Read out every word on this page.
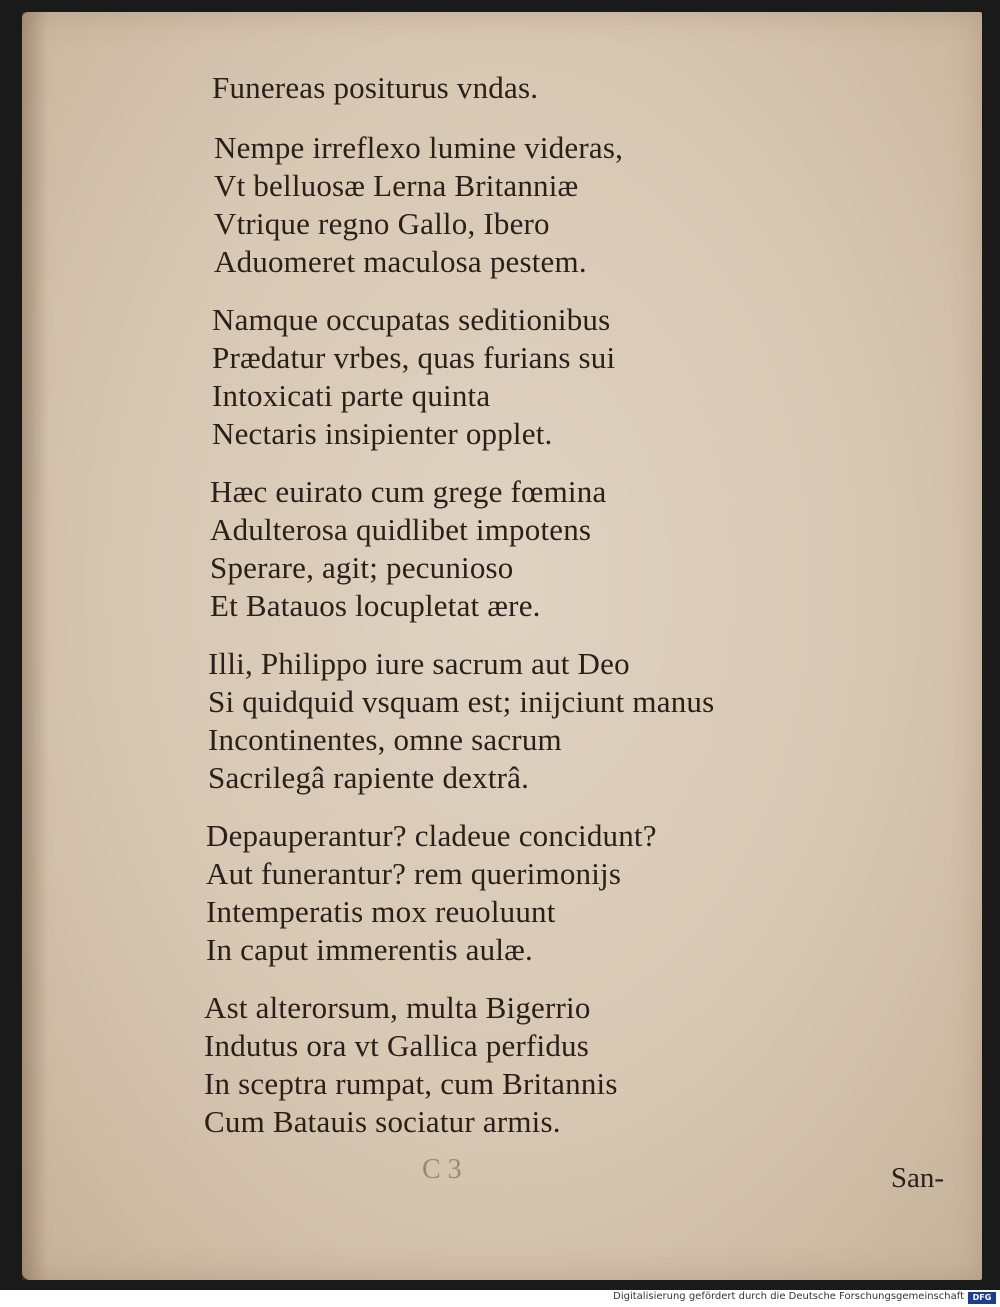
Funereas positurus vndas.
Nempe irreflexo lumine videras,
Vt belluosæ Lerna Britanniæ
Vtrique regno Gallo, Ibero
Aduomeret maculosa pestem.
Namque occupatas seditionibus
Prædatur vrbes, quas furians sui
Intoxicati parte quinta
Nectaris insipienter opplet.
Hæc euirato cum grege fœmina
Adulterosa quidlibet impotens
Sperare, agit; pecunioso
Et Batauos locupletat ære.
Illi, Philippo iure sacrum aut Deo
Si quidquid vsquam est; inijciunt manus
Incontinentes, omne sacrum
Sacrilegâ rapiente dextrâ.
Depauperantur? cladeue concidunt?
Aut funerantur? rem querimonijs
Intemperatis mox reuoluunt
In caput immerentis aulæ.
Ast alterorsum, multa Bigerrio
Indutus ora vt Gallica perfidus
In sceptra rumpat, cum Britannis
Cum Batauis sociatur armis.
C 3	San-
Digitalisierung gefördert durch die Deutsche Forschungsgemeinschaft	DFG
